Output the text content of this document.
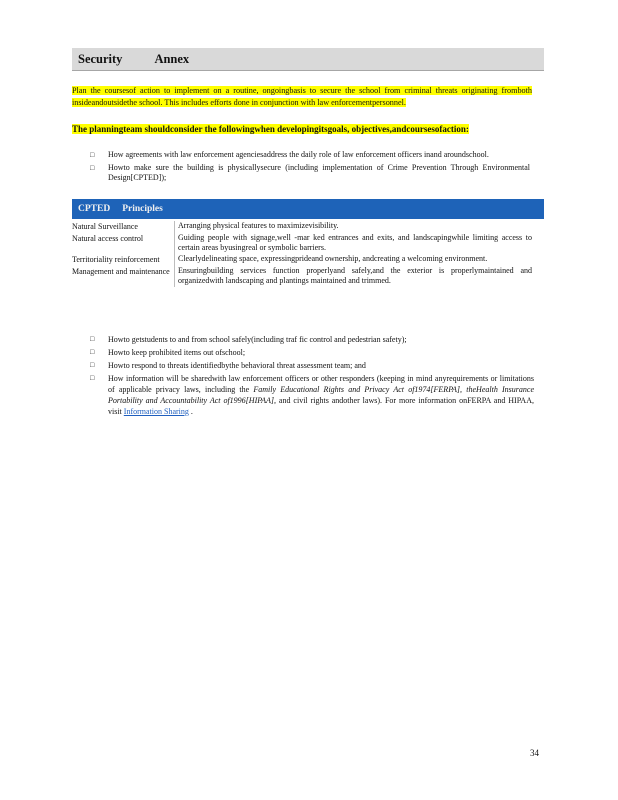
Security	Annex
Plan the coursesof action to implement on a routine, ongoingbasis to secure the school from criminal threats originating fromboth insideandoutsidethe school. This includes efforts done in conjunction with law enforcementpersonnel.
The planningteam shouldconsider the followingwhen developingitsgoals, objectives,andcoursesofaction:
□	How agreements with law enforcement agenciesaddress the daily role of law enforcement officers inand aroundschool.
□	Howto make sure the building is physicallysecure (including implementation of Crime Prevention Through Environmental Design[CPTED]);
CPTED Principles
Natural Surveillance	Arranging physical features to maximizevisibility.
Natural access control	Guiding people with signage,well -mar ked entrances and exits, and landscapingwhile limiting access to certain areas byusingreal or symbolic barriers.
Territoriality reinforcement	Clearlydelineating space, expressingprideand ownership, andcreating a welcoming environment.
Management and maintenance	Ensuringbuilding services function properlyand safely,and the exterior is properlymaintained and organizedwith landscaping and plantings maintained and trimmed.
□	Howto getstudents to and from school safely(including traf fic control and pedestrian safety);
□	Howto keep prohibited items out ofschool;
□	Howto respond to threats identifiedbythe behavioral threat assessment team; and
□	How information will be sharedwith law enforcement officers or other responders (keeping in mind anyrequirements or limitations of applicable privacy laws, including the Family Educational Rights and Privacy Act of1974[FERPA], theHealth Insurance Portability and Accountability Act of1996[HIPAA], and civil rights andother laws). For more information onFERPA and HIPAA, visit Information Sharing .
34
